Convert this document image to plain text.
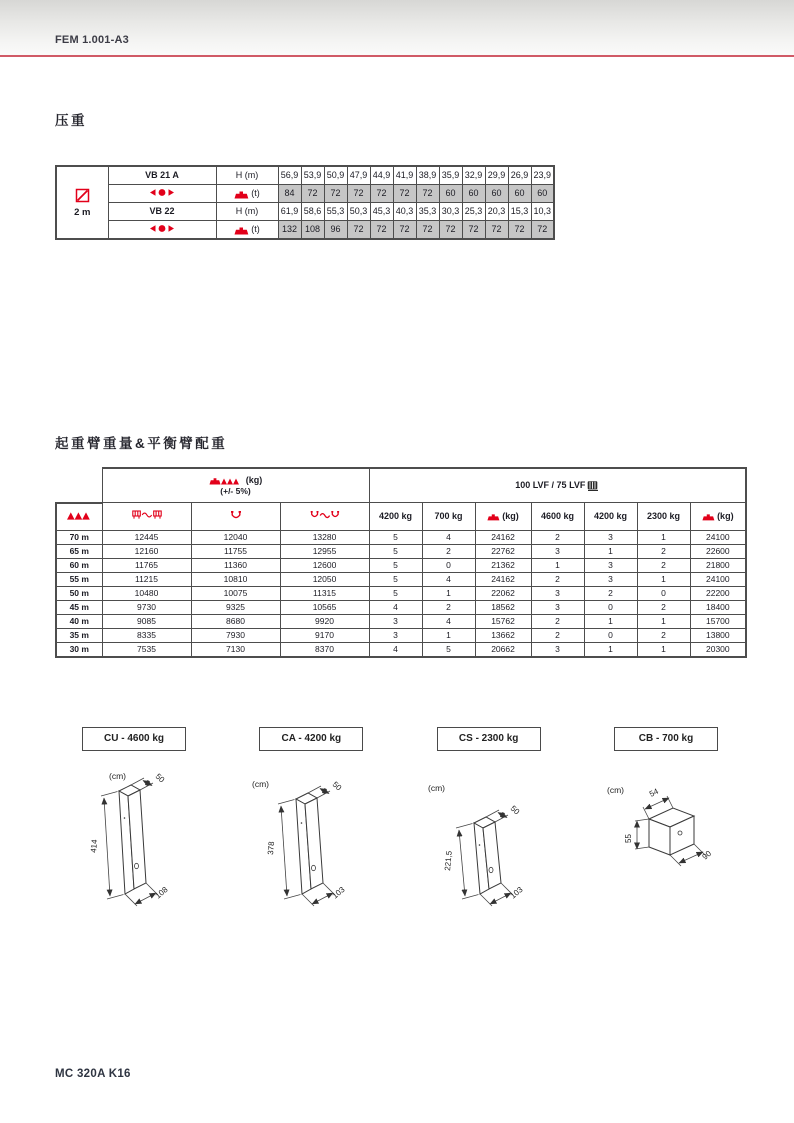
FEM 1.001-A3
压重
2 m	VB 21 A	H (m)	56,9	53,9	50,9	47,9	44,9	41,9	38,9	35,9	32,9	29,9	26,9	23,9

(t)	84	72	72	72	72	72	72	60	60	60	60	60
	VB 22	H (m)	61,9	58,6	55,3	50,3	45,3	40,3	35,3	30,3	25,3	20,3	15,3	10,3

(t)	132	108	96	72	72	72	72	72	72	72	72	72
起重臂重量&平衡臂配重

	(kg)
(+/- 5%)			100 LVF / 75 LVF						

				4200 kg	700 kg	(kg)	4600 kg	4200 kg	2300 kg	(kg)

70 m	12445	12040	13280	5	4	24162	2	3	1	24100
65 m	12160	11755	12955	5	2	22762	3	1	2	22600
60 m	11765	11360	12600	5	0	21362	1	3	2	21800
55 m	11215	10810	12050	5	4	24162	2	3	1	24100
50 m	10480	10075	11315	5	1	22062	3	2	0	22200
45 m	9730	9325	10565	4	2	18562	3	0	2	18400
40 m	9085	8680	9920	3	4	15762	2	1	1	15700
35 m	8335	7930	9170	3	1	13662	2	0	2	13800
30 m	7535	7130	8370	4	5	20662	3	1	1	20300
CU - 4600 kg
(cm)
414
50
108
CA - 4200 kg
(cm)
378
50
103
CS - 2300 kg
(cm)
221,5
50
103
CB - 700 kg
(cm)	54
90
55
MC 320A K16
